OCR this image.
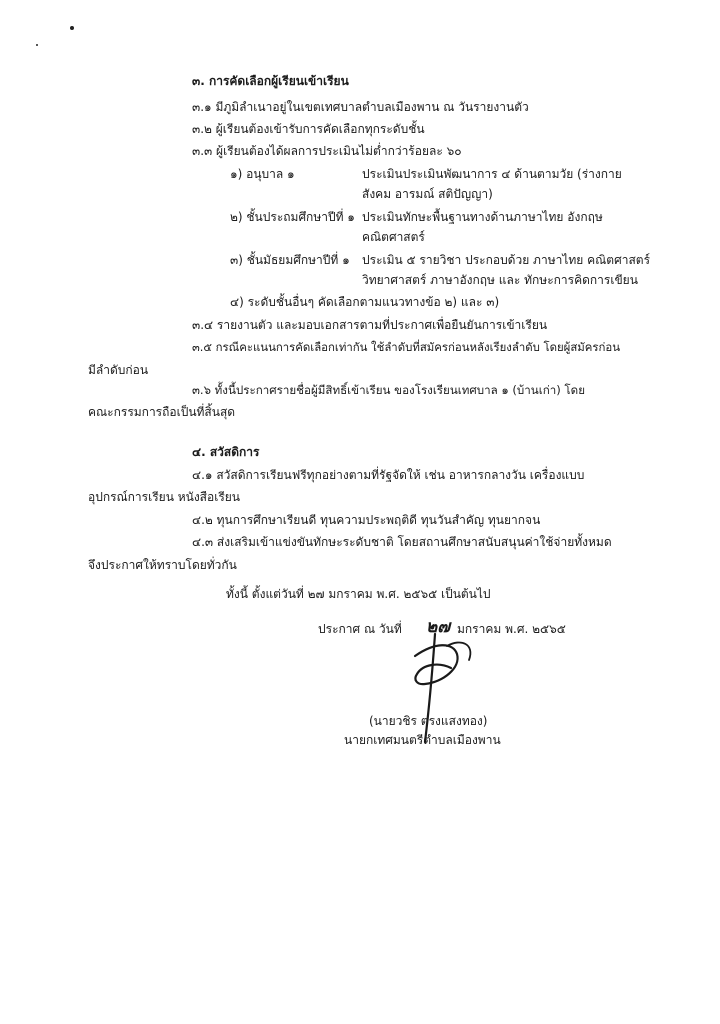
๓. การคัดเลือกผู้เรียนเข้าเรียน
๓.๑ มีภูมิลำเนาอยู่ในเขตเทศบาลตำบลเมืองพาน ณ วันรายงานตัว
๓.๒ ผู้เรียนต้องเข้ารับการคัดเลือกทุกระดับชั้น
๓.๓ ผู้เรียนต้องได้ผลการประเมินไม่ต่ำกว่าร้อยละ ๖๐
๑) อนุบาล ๑	ประเมินประเมินพัฒนาการ ๔ ด้านตามวัย (ร่างกาย
สังคม อารมณ์ สติปัญญา)
๒) ชั้นประถมศึกษาปีที่ ๑ ประเมินทักษะพื้นฐานทางด้านภาษาไทย อังกฤษ
คณิตศาสตร์
๓) ชั้นมัธยมศึกษาปีที่ ๑ ประเมิน ๕ รายวิชา ประกอบด้วย ภาษาไทย คณิตศาสตร์
วิทยาศาสตร์ ภาษาอังกฤษ และ ทักษะการคิดการเขียน
๔) ระดับชั้นอื่นๆ คัดเลือกตามแนวทางข้อ ๒) และ ๓)
๓.๔ รายงานตัว และมอบเอกสารตามที่ประกาศเพื่อยืนยันการเข้าเรียน
๓.๕ กรณีคะแนนการคัดเลือกเท่ากัน ใช้ลำดับที่สมัครก่อนหลังเรียงลำดับ โดยผู้สมัครก่อน
มีลำดับก่อน
๓.๖ ทั้งนี้ประกาศรายชื่อผู้มีสิทธิ์เข้าเรียน ของโรงเรียนเทศบาล ๑ (บ้านเก่า) โดย
คณะกรรมการถือเป็นที่สิ้นสุด
๔. สวัสดิการ
๔.๑ สวัสดิการเรียนฟรีทุกอย่างตามที่รัฐจัดให้ เช่น อาหารกลางวัน เครื่องแบบ
อุปกรณ์การเรียน หนังสือเรียน
๔.๒ ทุนการศึกษาเรียนดี ทุนความประพฤติดี ทุนวันสำคัญ ทุนยากจน
๔.๓ ส่งเสริมเข้าแข่งขันทักษะระดับชาติ โดยสถานศึกษาสนับสนุนค่าใช้จ่ายทั้งหมด
จึงประกาศให้ทราบโดยทั่วกัน
ทั้งนี้ ตั้งแต่วันที่ ๒๗ มกราคม พ.ศ. ๒๕๖๕ เป็นต้นไป
ประกาศ ณ วันที่ ๒๗ มกราคม พ.ศ. ๒๕๖๕
(นายวชิร ตรงแสงทอง)
นายกเทศมนตรีตำบลเมืองพาน
